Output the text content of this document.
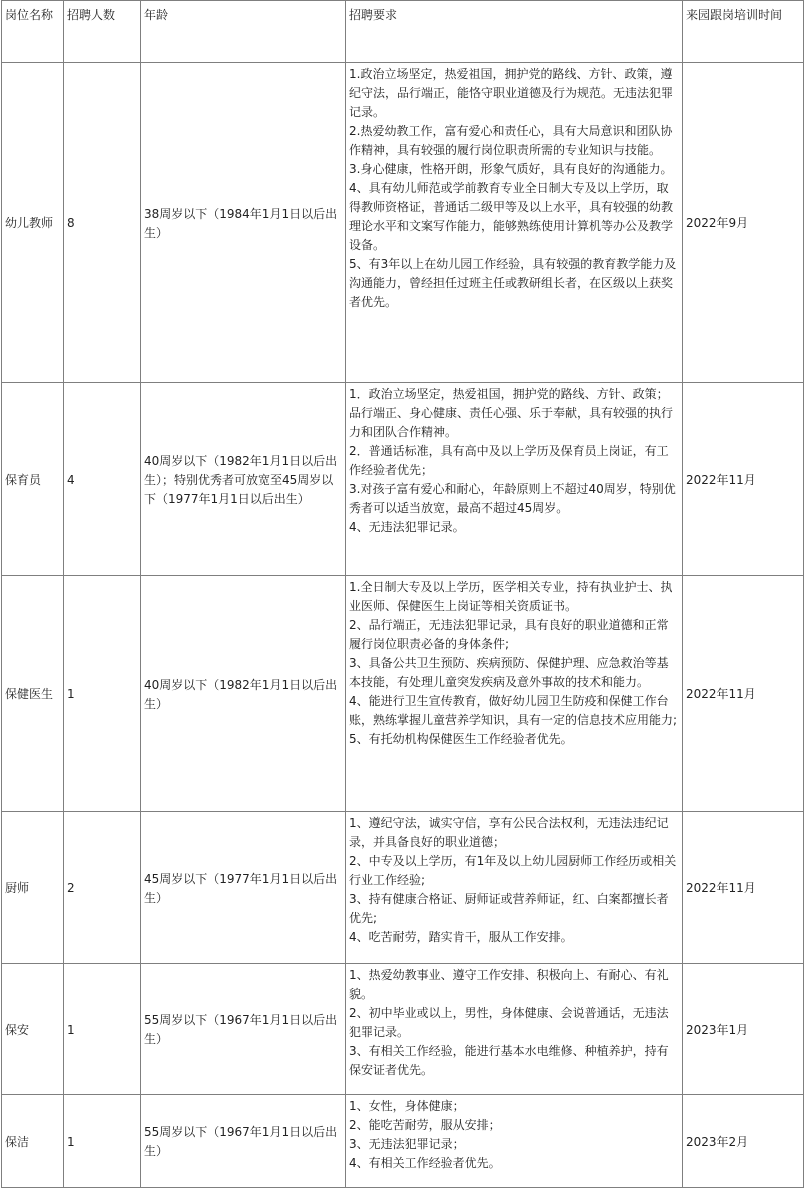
岗位名称	招聘人数	年龄	招聘要求	来园跟岗培训时间
幼儿教师	8	38周岁以下（1984年1月1日以后出生）	1.政治立场坚定，热爱祖国，拥护党的路线、方针、政策，遵纪守法，品行端正，能恪守职业道德及行为规范。无违法犯罪记录。
2.热爱幼教工作，富有爱心和责任心，具有大局意识和团队协作精神，具有较强的履行岗位职责所需的专业知识与技能。
3.身心健康，性格开朗，形象气质好，具有良好的沟通能力。
4、具有幼儿师范或学前教育专业全日制大专及以上学历，取得教师资格证，普通话二级甲等及以上水平，具有较强的幼教理论水平和文案写作能力，能够熟练使用计算机等办公及教学设备。
5、有3年以上在幼儿园工作经验，具有较强的教育教学能力及沟通能力，曾经担任过班主任或教研组长者，在区级以上获奖者优先。	2022年9月
保育员	4	40周岁以下（1982年1月1日以后出生）；特别优秀者可放宽至45周岁以下（1977年1月1日以后出生）	1．政治立场坚定，热爱祖国，拥护党的路线、方针、政策；品行端正、身心健康、责任心强、乐于奉献，具有较强的执行力和团队合作精神。
2．普通话标准，具有高中及以上学历及保育员上岗证，有工作经验者优先；
3.对孩子富有爱心和耐心，年龄原则上不超过40周岁，特别优秀者可以适当放宽，最高不超过45周岁。
4、无违法犯罪记录。	2022年11月
保健医生	1	40周岁以下（1982年1月1日以后出生）	1.全日制大专及以上学历，医学相关专业，持有执业护士、执业医师、保健医生上岗证等相关资质证书。
2、品行端正，无违法犯罪记录，具有良好的职业道德和正常履行岗位职责必备的身体条件;
3、具备公共卫生预防、疾病预防、保健护理、应急救治等基本技能，有处理儿童突发疾病及意外事故的技术和能力。
4、能进行卫生宣传教育，做好幼儿园卫生防疫和保健工作台账，熟练掌握儿童营养学知识，具有一定的信息技术应用能力;
5、有托幼机构保健医生工作经验者优先。	2022年11月
厨师	2	45周岁以下（1977年1月1日以后出生）	1、遵纪守法，诚实守信，享有公民合法权利，无违法违纪记录，并具备良好的职业道德；
2、中专及以上学历，有1年及以上幼儿园厨师工作经历或相关行业工作经验;
3、持有健康合格证、厨师证或营养师证，红、白案都擅长者优先;
4、吃苦耐劳，踏实肯干，服从工作安排。	2022年11月
保安	1	55周岁以下（1967年1月1日以后出生）	1、热爱幼教事业、遵守工作安排、积极向上、有耐心、有礼貌。
2、初中毕业或以上，男性，身体健康、会说普通话，无违法犯罪记录。
3、有相关工作经验，能进行基本水电维修、种植养护，持有保安证者优先。	2023年1月
保洁	1	55周岁以下（1967年1月1日以后出生）	1、女性，身体健康；
2、能吃苦耐劳，服从安排；
3、无违法犯罪记录；
4、有相关工作经验者优先。	2023年2月
